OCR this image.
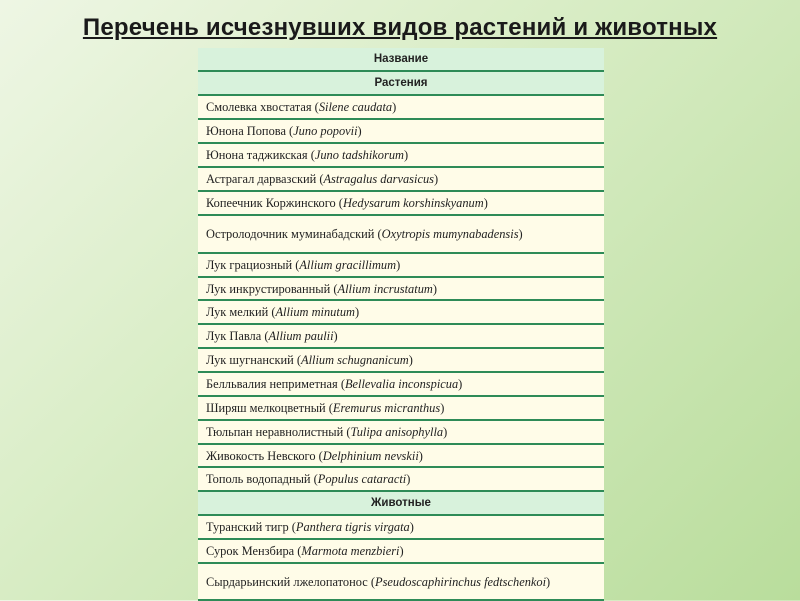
Перечень исчезнувших видов растений и животных
Название
Растения
Смолевка хвостатая (Silene caudata)
Юнона Попова (Juno popovii)
Юнона таджикская (Juno tadshikorum)
Астрагал дарвазский (Astragalus darvasicus)
Копеечник Коржинского (Hedysarum korshinskyanum)
Остролодочник муминабадский (Oxytropis mumynabadensis)
Лук грациозный (Allium gracillimum)
Лук инкрустированный (Allium incrustatum)
Лук мелкий (Allium minutum)
Лук Павла (Allium paulii)
Лук шугнанский (Allium schugnanicum)
Белльвалия неприметная (Bellevalia inconspicua)
Ширяш мелкоцветный (Eremurus micranthus)
Тюльпан неравнолистный (Tulipa anisophylla)
Живокость Невского (Delphinium nevskii)
Тополь водопадный (Populus cataracti)
Животные
Туранский тигр (Panthera tigris virgata)
Сурок Мензбира (Marmota menzbieri)
Сырдарьинский лжелопатонос (Pseudoscaphirinchus fedtschenkoi)
